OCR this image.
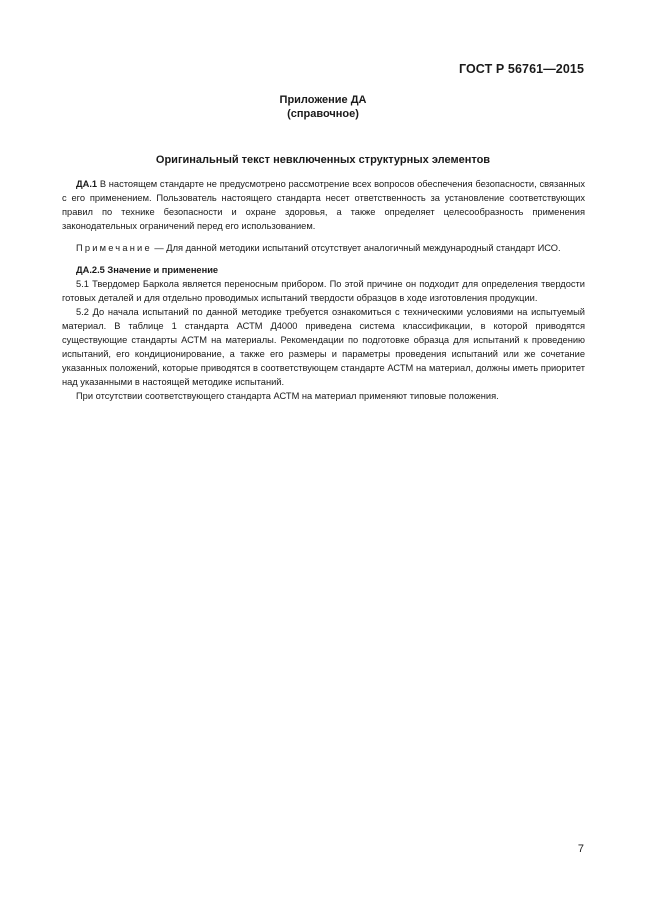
ГОСТ Р 56761—2015
Приложение ДА
(справочное)
Оригинальный текст невключенных структурных элементов

ДА.1 В настоящем стандарте не предусмотрено рассмотрение всех вопросов обеспечения безопасности, связанных с его применением. Пользователь настоящего стандарта несет ответственность за установление соответствующих правил по технике безопасности и охране здоровья, а также определяет целесообразность применения законодательных ограничений перед его использованием.

Примечание — Для данной методики испытаний отсутствует аналогичный международный стандарт ИСО.

ДА.2.5 Значение и применение

5.1 Твердомер Баркола является переносным прибором. По этой причине он подходит для определения твердости готовых деталей и для отдельно проводимых испытаний твердости образцов в ходе изготовления продукции.

5.2 До начала испытаний по данной методике требуется ознакомиться с техническими условиями на испытуемый материал. В таблице 1 стандарта АСТМ Д4000 приведена система классификации, в которой приводятся существующие стандарты АСТМ на материалы. Рекомендации по подготовке образца для испытаний к проведению испытаний, его кондиционирование, а также его размеры и параметры проведения испытаний или же сочетание указанных положений, которые приводятся в соответствующем стандарте АСТМ на материал, должны иметь приоритет над указанными в настоящей методике испытаний.

При отсутствии соответствующего стандарта АСТМ на материал применяют типовые положения.

7
